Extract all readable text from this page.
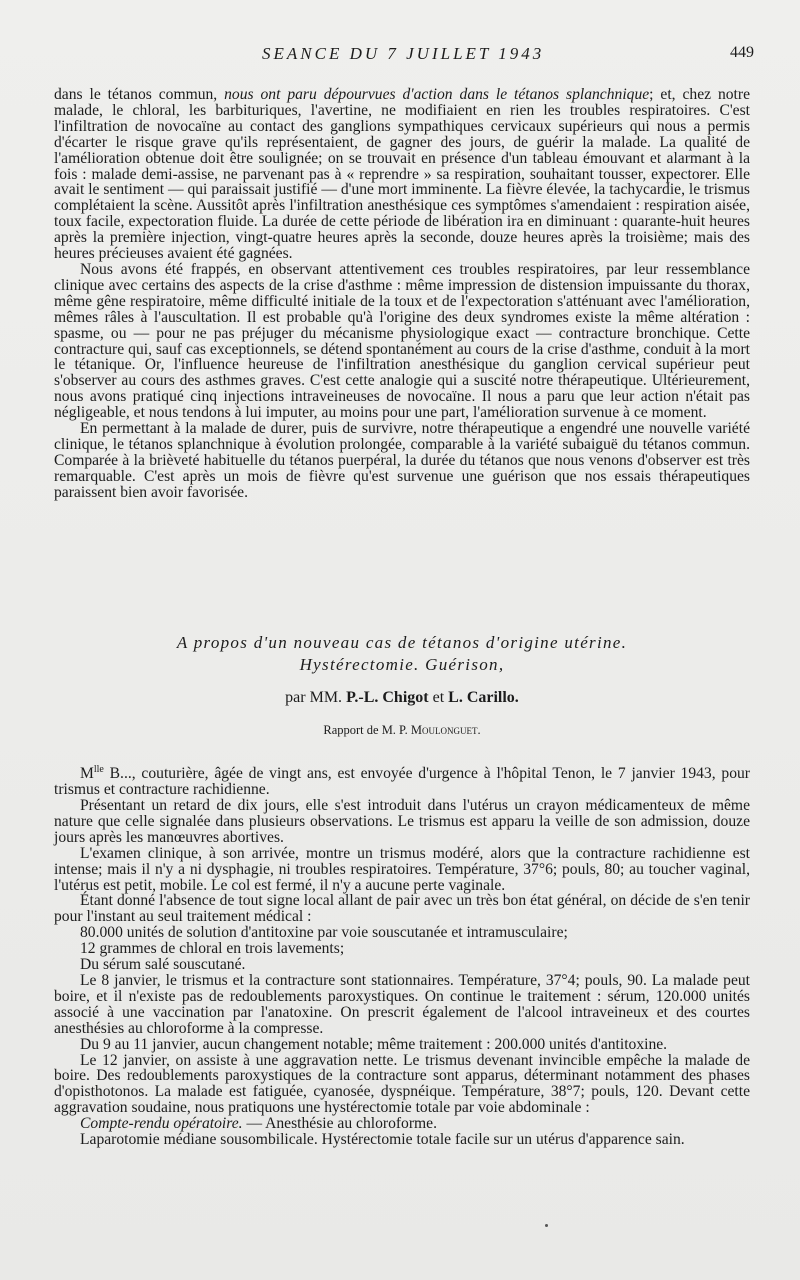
SEANCE DU 7 JUILLET 1943	449

dans le tétanos commun, nous ont paru dépourvues d'action dans le tétanos splanchnique; et, chez notre malade, le chloral, les barbituriques, l'avertine, ne modifiaient en rien les troubles respiratoires. C'est l'infiltration de novocaïne au contact des ganglions sympathiques cervicaux supérieurs qui nous a permis d'écarter le risque grave qu'ils représentaient, de gagner des jours, de guérir la malade. La qualité de l'amélioration obtenue doit être soulignée; on se trouvait en présence d'un tableau émouvant et alarmant à la fois : malade demi-assise, ne parvenant pas à « reprendre » sa respiration, souhaitant tousser, expectorer. Elle avait le sentiment — qui paraissait justifié — d'une mort imminente. La fièvre élevée, la tachycardie, le trismus complétaient la scène. Aussitôt après l'infiltration anesthésique ces symptômes s'amendaient : respiration aisée, toux facile, expectoration fluide. La durée de cette période de libération ira en diminuant : quarante-huit heures après la première injection, vingt-quatre heures après la seconde, douze heures après la troisième; mais des heures précieuses avaient été gagnées.

Nous avons été frappés, en observant attentivement ces troubles respiratoires, par leur ressemblance clinique avec certains des aspects de la crise d'asthme : même impression de distension impuissante du thorax, même gêne respiratoire, même difficulté initiale de la toux et de l'expectoration s'atténuant avec l'amélioration, mêmes râles à l'auscultation. Il est probable qu'à l'origine des deux syndromes existe la même altération : spasme, ou — pour ne pas préjuger du mécanisme physiologique exact — contracture bronchique. Cette contracture qui, sauf cas exceptionnels, se détend spontanément au cours de la crise d'asthme, conduit à la mort le tétanique. Or, l'influence heureuse de l'infiltration anesthésique du ganglion cervical supérieur peut s'observer au cours des asthmes graves. C'est cette analogie qui a suscité notre thérapeutique. Ultérieurement, nous avons pratiqué cinq injections intraveineuses de novocaïne. Il nous a paru que leur action n'était pas négligeable, et nous tendons à lui imputer, au moins pour une part, l'amélioration survenue à ce moment.

En permettant à la malade de durer, puis de survivre, notre thérapeutique a engendré une nouvelle variété clinique, le tétanos splanchnique à évolution prolongée, comparable à la variété subaiguë du tétanos commun. Comparée à la brièveté habituelle du tétanos puerpéral, la durée du tétanos que nous venons d'observer est très remarquable. C'est après un mois de fièvre qu'est survenue une guérison que nos essais thérapeutiques paraissent bien avoir favorisée.

A propos d'un nouveau cas de tétanos d'origine utérine.
Hystérectomie. Guérison,
par MM. P.-L. Chigot et L. Carillo.
Rapport de M. P. Moulonguet.

$M^{lle}$ B..., couturière, âgée de vingt ans, est envoyée d'urgence à l'hôpital Tenon, le 7 janvier 1943, pour trismus et contracture rachidienne.

Présentant un retard de dix jours, elle s'est introduit dans l'utérus un crayon médicamenteux de même nature que celle signalée dans plusieurs observations. Le trismus est apparu la veille de son admission, douze jours après les manœuvres abortives.

L'examen clinique, à son arrivée, montre un trismus modéré, alors que la contracture rachidienne est intense; mais il n'y a ni dysphagie, ni troubles respiratoires. Température, 37°6; pouls, 80; au toucher vaginal, l'utérus est petit, mobile. Le col est fermé, il n'y a aucune perte vaginale.

Étant donné l'absence de tout signe local allant de pair avec un très bon état général, on décide de s'en tenir pour l'instant au seul traitement médical :

80.000 unités de solution d'antitoxine par voie souscutanée et intramusculaire;

12 grammes de chloral en trois lavements;

Du sérum salé souscutané.

Le 8 janvier, le trismus et la contracture sont stationnaires. Température, 37°4; pouls, 90. La malade peut boire, et il n'existe pas de redoublements paroxystiques. On continue le traitement : sérum, 120.000 unités associé à une vaccination par l'anatoxine. On prescrit également de l'alcool intraveineux et des courtes anesthésies au chloroforme à la compresse.

Du 9 au 11 janvier, aucun changement notable; même traitement : 200.000 unités d'antitoxine.

Le 12 janvier, on assiste à une aggravation nette. Le trismus devenant invincible empêche la malade de boire. Des redoublements paroxystiques de la contracture sont apparus, déterminant notamment des phases d'opisthotonos. La malade est fatiguée, cyanosée, dyspnéique. Température, 38°7; pouls, 120. Devant cette aggravation soudaine, nous pratiquons une hystérectomie totale par voie abdominale :

Compte-rendu opératoire. — Anesthésie au chloroforme.

Laparotomie médiane sousombilicale. Hystérectomie totale facile sur un utérus d'apparence sain.
